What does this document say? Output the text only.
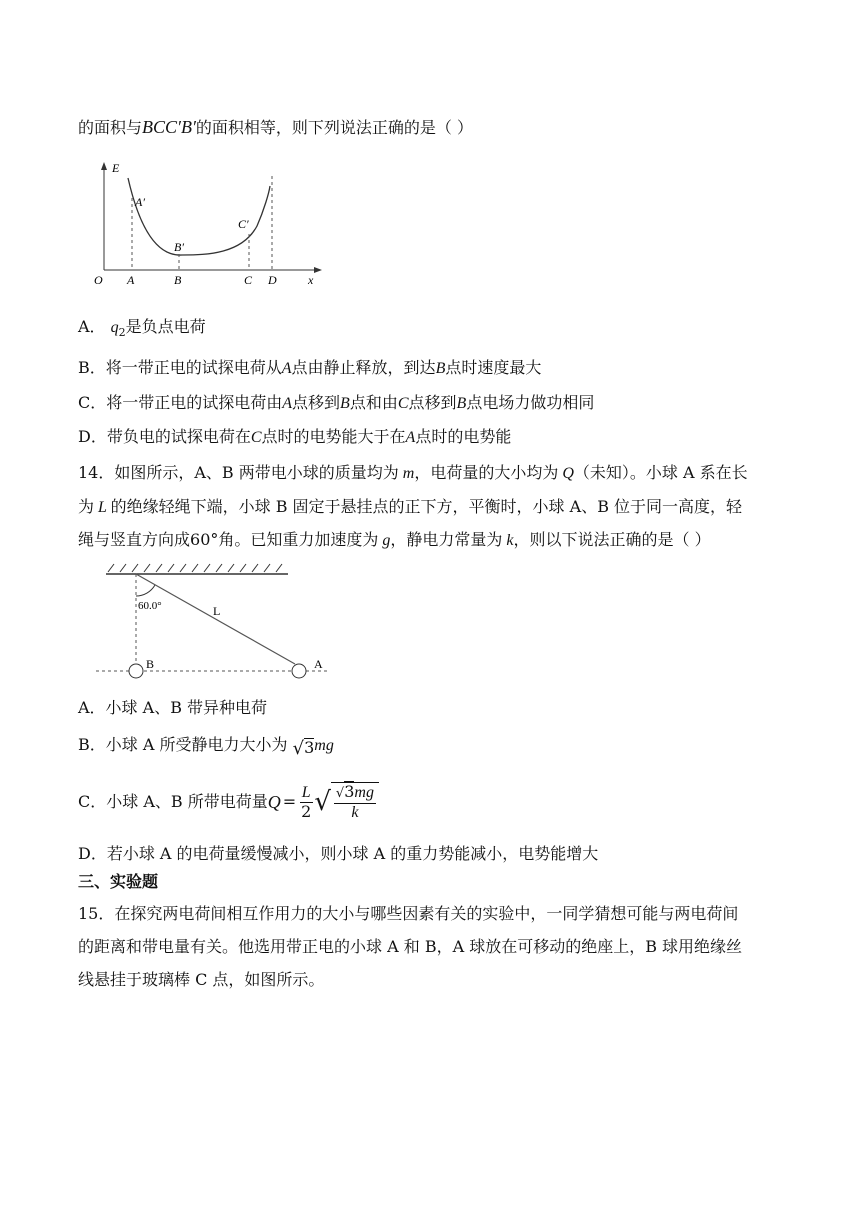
的面积与BCC′B′的面积相等，则下列说法正确的是（ ）
E
O	x
A	B	C D
A′
B′
C′
A． $q_2$是负点电荷
B．将一带正电的试探电荷从A点由静止释放，到达B点时速度最大
C．将一带正电的试探电荷由A点移到B点和由C点移到B点电场力做功相同
D．带负电的试探电荷在C点时的电势能大于在A点时的电势能
14．如图所示，A、B 两带电小球的质量均为 m，电荷量的大小均为 Q（未知）。小球 A 系在长
为 L 的绝缘轻绳下端，小球 B 固定于悬挂点的正下方，平衡时，小球 A、B 位于同一高度，轻
绳与竖直方向成60°角。已知重力加速度为 g，静电力常量为 k，则以下说法正确的是（ ）
60.0°	L
B	A
A．小球 A、B 带异种电荷
B．小球 A 所受静电力大小为 √ 3 mg
C．小球 A、B 所带电荷量 $Q = \frac{L}{2}$ √ √3mg
k
D．若小球 A 的电荷量缓慢减小，则小球 A 的重力势能减小，电势能增大
三、实验题
15．在探究两电荷间相互作用力的大小与哪些因素有关的实验中，一同学猜想可能与两电荷间
的距离和带电量有关。他选用带正电的小球 A 和 B，A 球放在可移动的绝座上，B 球用绝缘丝
线悬挂于玻璃棒 C 点，如图所示。
